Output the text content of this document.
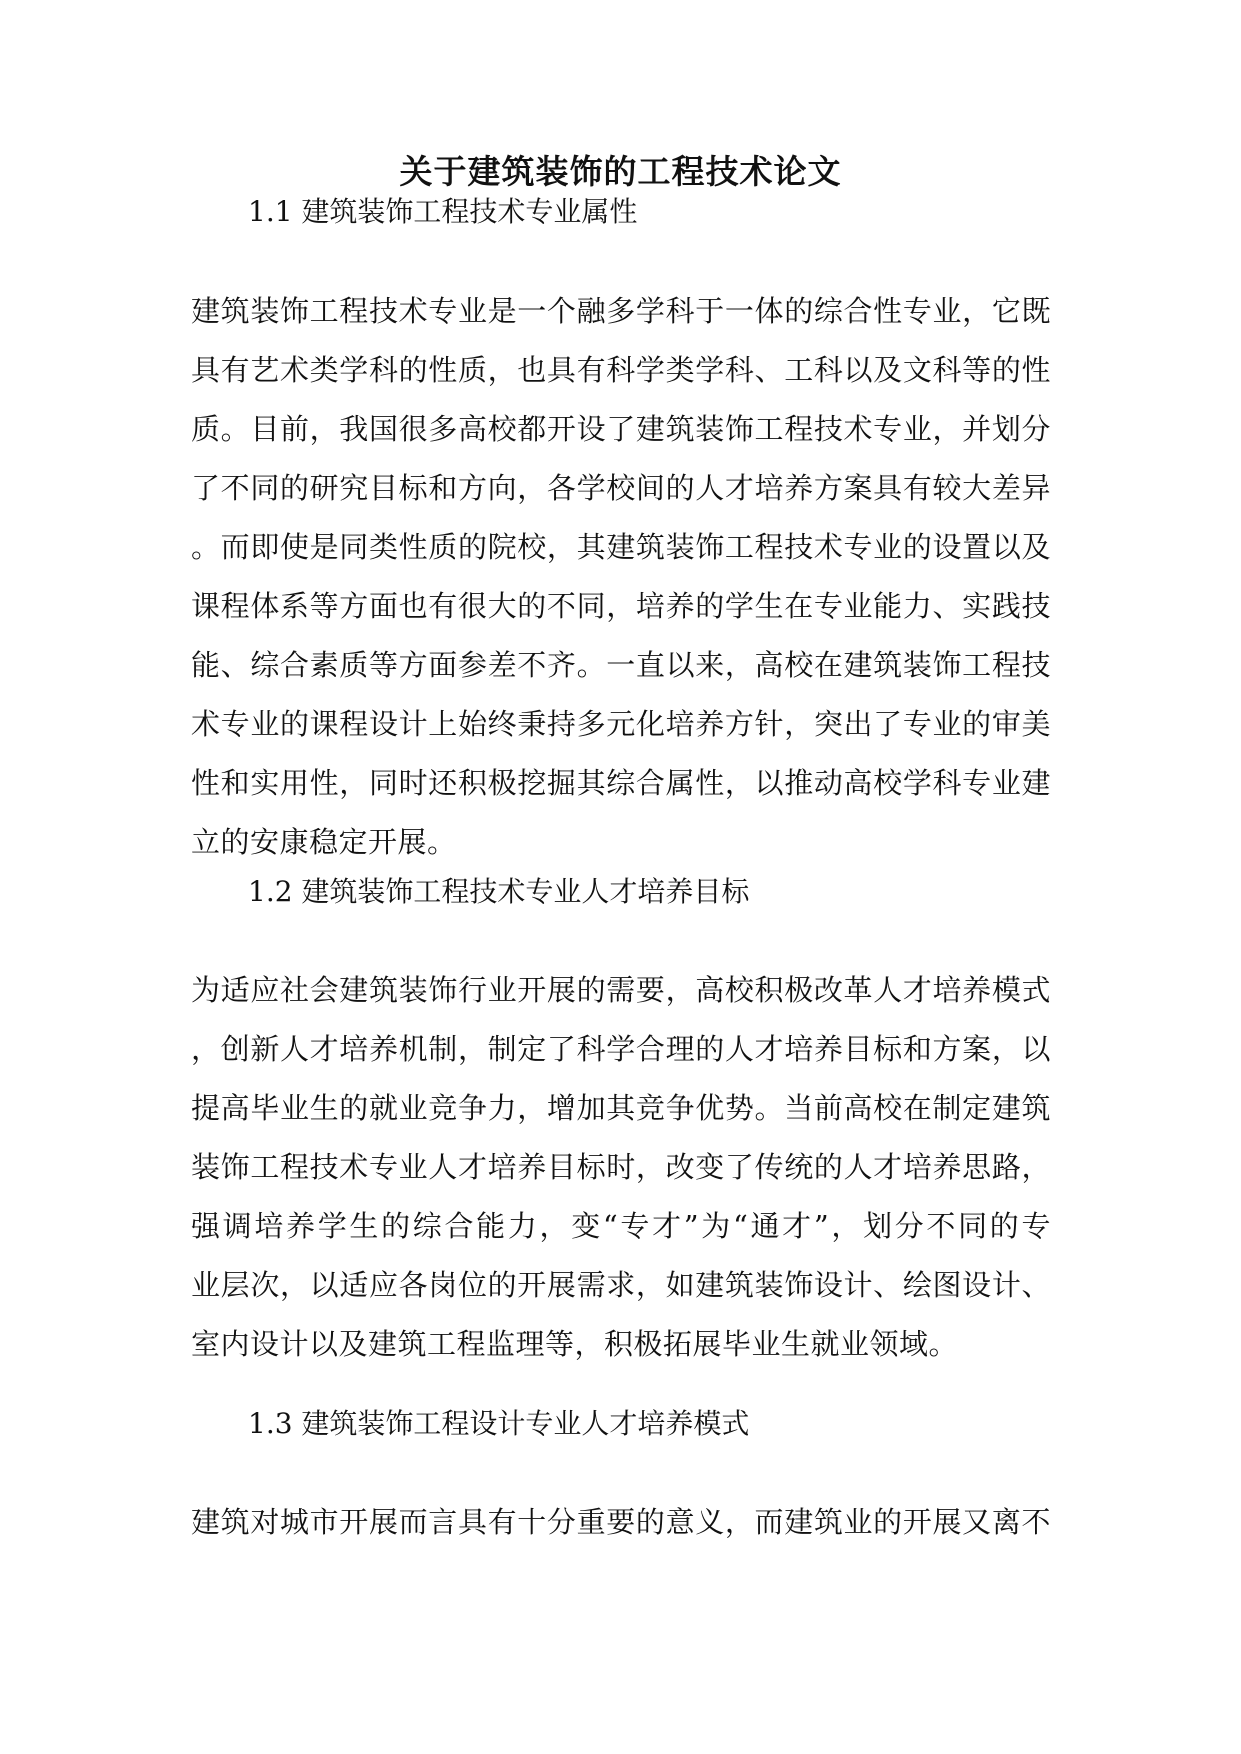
关于建筑装饰的工程技术论文
1.1 建筑装饰工程技术专业属性
建筑装饰工程技术专业是一个融多学科于一体的综合性专业，它既
具有艺术类学科的性质，也具有科学类学科、工科以及文科等的性
质。目前，我国很多高校都开设了建筑装饰工程技术专业，并划分
了不同的研究目标和方向，各学校间的人才培养方案具有较大差异
。而即使是同类性质的院校，其建筑装饰工程技术专业的设置以及
课程体系等方面也有很大的不同，培养的学生在专业能力、实践技
能、综合素质等方面参差不齐。一直以来，高校在建筑装饰工程技
术专业的课程设计上始终秉持多元化培养方针，突出了专业的审美
性和实用性，同时还积极挖掘其综合属性，以推动高校学科专业建
立的安康稳定开展。
1.2 建筑装饰工程技术专业人才培养目标
为适应社会建筑装饰行业开展的需要，高校积极改革人才培养模式
，创新人才培养机制，制定了科学合理的人才培养目标和方案，以
提高毕业生的就业竞争力，增加其竞争优势。当前高校在制定建筑
装饰工程技术专业人才培养目标时，改变了传统的人才培养思路，
强调培养学生的综合能力，变“专才”为“通才”，划分不同的专
业层次，以适应各岗位的开展需求，如建筑装饰设计、绘图设计、
室内设计以及建筑工程监理等，积极拓展毕业生就业领域。
1.3 建筑装饰工程设计专业人才培养模式
建筑对城市开展而言具有十分重要的意义，而建筑业的开展又离不
